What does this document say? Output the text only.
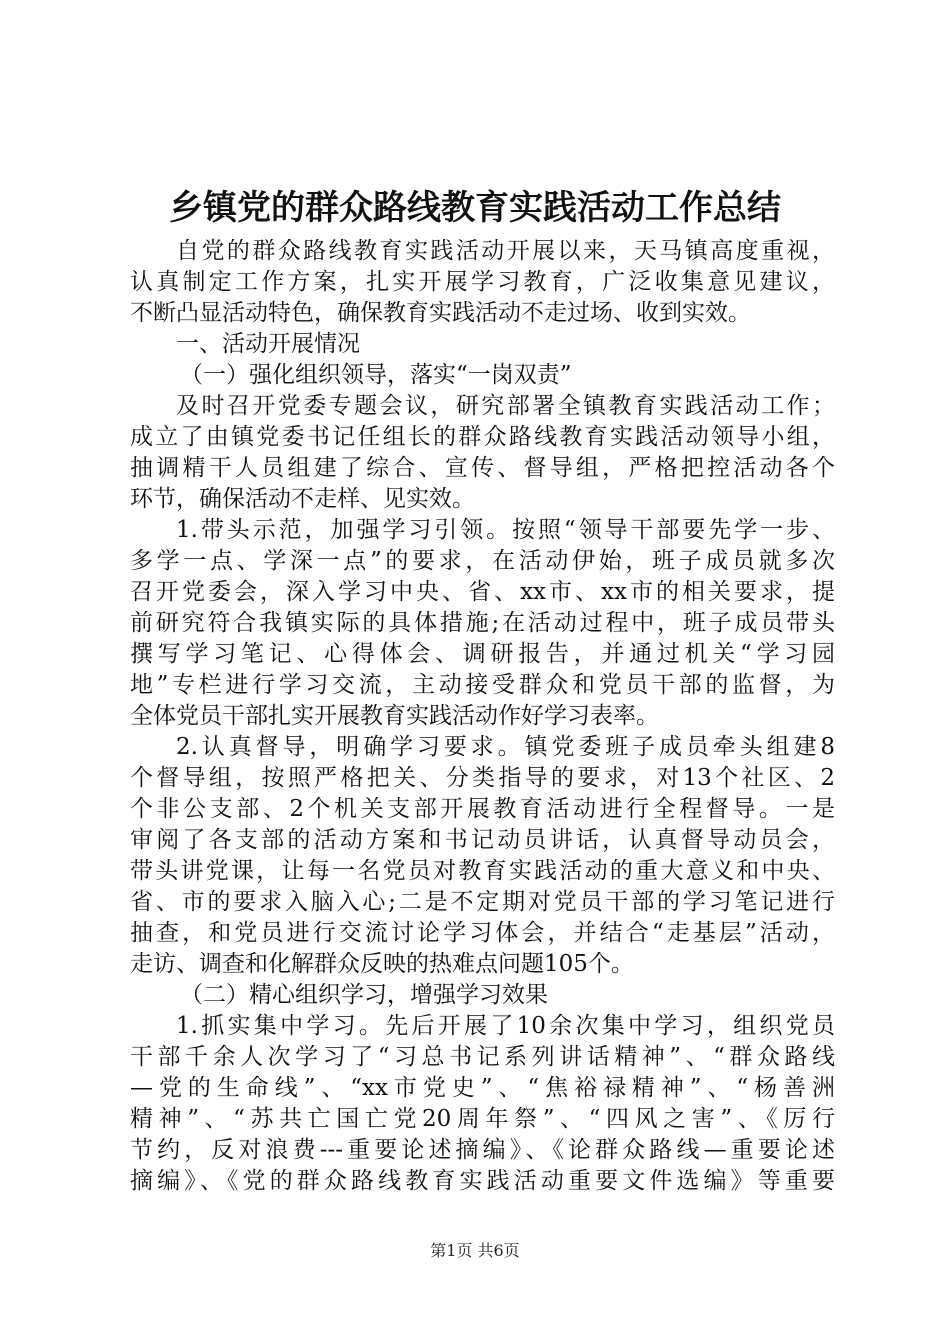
乡镇党的群众路线教育实践活动工作总结
自党的群众路线教育实践活动开展以来，天马镇高度重视，
认真制定工作方案，扎实开展学习教育，广泛收集意见建议，
不断凸显活动特色，确保教育实践活动不走过场、收到实效。
一、活动开展情况
（一）强化组织领导，落实“一岗双责”
及时召开党委专题会议，研究部署全镇教育实践活动工作；
成立了由镇党委书记任组长的群众路线教育实践活动领导小组，
抽调精干人员组建了综合、宣传、督导组，严格把控活动各个
环节，确保活动不走样、见实效。
1.带头示范，加强学习引领。按照“领导干部要先学一步、
多学一点、学深一点”的要求，在活动伊始，班子成员就多次
召开党委会，深入学习中央、省、xx市、xx市的相关要求，提
前研究符合我镇实际的具体措施;在活动过程中，班子成员带头
撰写学习笔记、心得体会、调研报告，并通过机关“学习园
地”专栏进行学习交流，主动接受群众和党员干部的监督，为
全体党员干部扎实开展教育实践活动作好学习表率。
2.认真督导，明确学习要求。镇党委班子成员牵头组建8
个督导组，按照严格把关、分类指导的要求，对13个社区、2
个非公支部、2个机关支部开展教育活动进行全程督导。一是
审阅了各支部的活动方案和书记动员讲话，认真督导动员会，
带头讲党课，让每一名党员对教育实践活动的重大意义和中央、
省、市的要求入脑入心;二是不定期对党员干部的学习笔记进行
抽查，和党员进行交流讨论学习体会，并结合“走基层”活动，
走访、调查和化解群众反映的热难点问题105个。
（二）精心组织学习，增强学习效果
1.抓实集中学习。先后开展了10余次集中学习，组织党员
干部千余人次学习了“习总书记系列讲话精神”、“群众路线
—党的生命线”、“xx市党史”、“焦裕禄精神”、“杨善洲
精神”、“苏共亡国亡党20周年祭”、“四风之害”、《厉行
节约，反对浪费---重要论述摘编》、《论群众路线—重要论述
摘编》、《党的群众路线教育实践活动重要文件选编》等重要
第1页 共6页
